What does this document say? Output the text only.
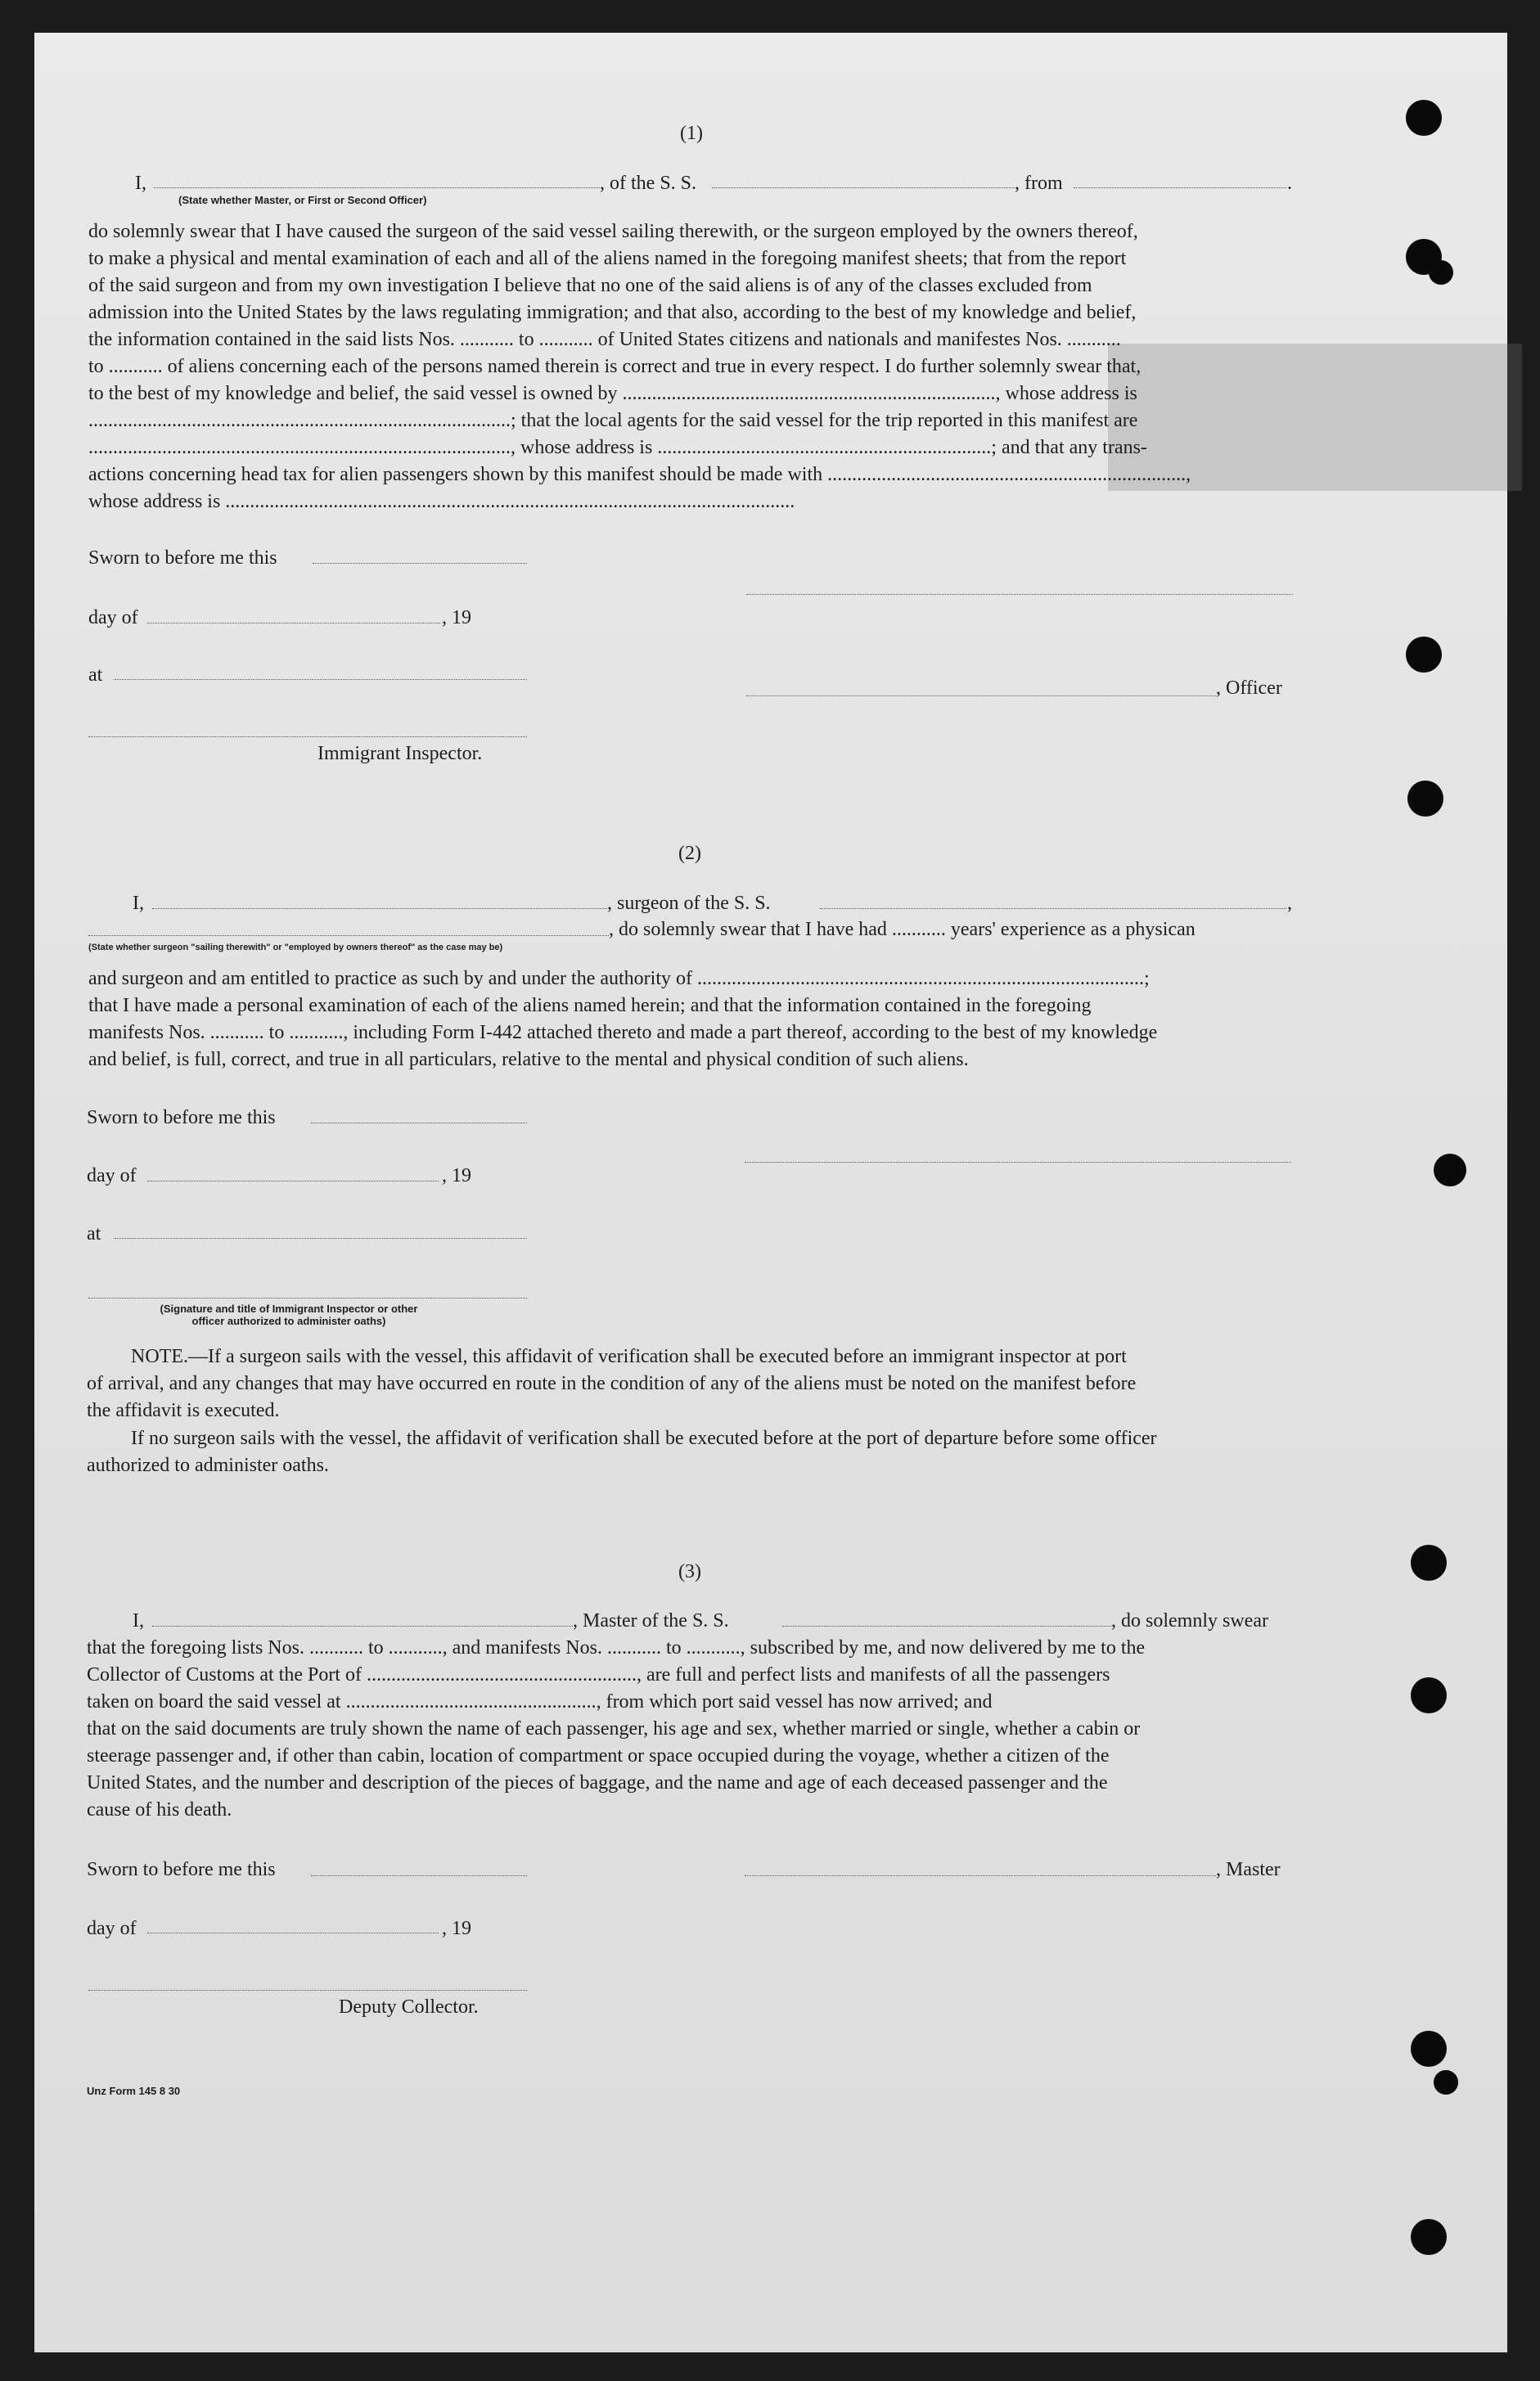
(1)
I,	, of the S. S.	, from	.
(State whether Master, or First or Second Officer)
do solemnly swear that I have caused the surgeon of the said vessel sailing therewith, or the surgeon employed by the owners thereof,
to make a physical and mental examination of each and all of the aliens named in the foregoing manifest sheets; that from the report
of the said surgeon and from my own investigation I believe that no one of the said aliens is of any of the classes excluded from
admission into the United States by the laws regulating immigration; and that also, according to the best of my knowledge and belief,
the information contained in the said lists Nos. ........... to ........... of United States citizens and nationals and manifestes Nos. ...........
to ........... of aliens concerning each of the persons named therein is correct and true in every respect. I do further solemnly swear that,
to the best of my knowledge and belief, the said vessel is owned by ............................................................................, whose address is
......................................................................................; that the local agents for the said vessel for the trip reported in this manifest are
......................................................................................, whose address is ....................................................................; and that any trans-
actions concerning head tax for alien passengers shown by this manifest should be made with .........................................................................,
whose address is ....................................................................................................................
Sworn to before me this
day of	, 19
at
, Officer
Immigrant Inspector.
(2)
I,	, surgeon of the S. S.	,
, do solemnly swear that I have had ........... years' experience as a physican
(State whether surgeon "sailing therewith" or "employed by owners thereof" as the case may be)
and surgeon and am entitled to practice as such by and under the authority of ...........................................................................................;
that I have made a personal examination of each of the aliens named herein; and that the information contained in the foregoing
manifests Nos. ........... to ..........., including Form I-442 attached thereto and made a part thereof, according to the best of my knowledge
and belief, is full, correct, and true in all particulars, relative to the mental and physical condition of such aliens.
Sworn to before me this
day of	, 19
at
(Signature and title of Immigrant Inspector or other
officer authorized to administer oaths)
NOTE.—If a surgeon sails with the vessel, this affidavit of verification shall be executed before an immigrant inspector at port
of arrival, and any changes that may have occurred en route in the condition of any of the aliens must be noted on the manifest before
the affidavit is executed.
If no surgeon sails with the vessel, the affidavit of verification shall be executed before at the port of departure before some officer
authorized to administer oaths.
(3)
I,	, Master of the S. S.	, do solemnly swear
that the foregoing lists Nos. ........... to ..........., and manifests Nos. ........... to ..........., subscribed by me, and now delivered by me to the
Collector of Customs at the Port of ......................................................., are full and perfect lists and manifests of all the passengers
taken on board the said vessel at ..................................................., from which port said vessel has now arrived; and
that on the said documents are truly shown the name of each passenger, his age and sex, whether married or single, whether a cabin or
steerage passenger and, if other than cabin, location of compartment or space occupied during the voyage, whether a citizen of the
United States, and the number and description of the pieces of baggage, and the name and age of each deceased passenger and the
cause of his death.
Sworn to before me this	, Master
day of	, 19
Deputy Collector.
Unz Form 145 8 30
